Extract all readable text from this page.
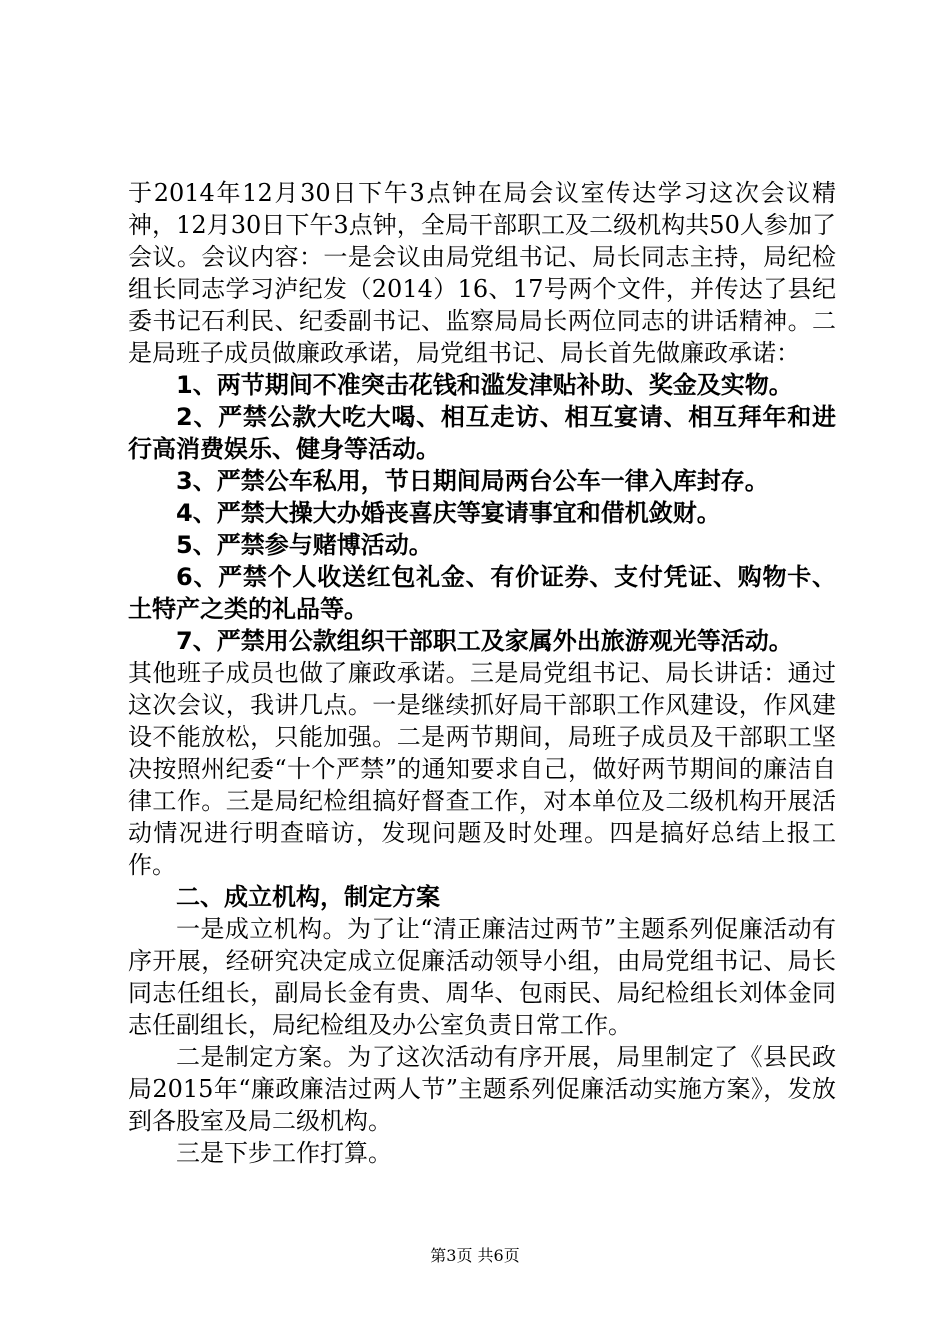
于2014年12月30日下午3点钟在局会议室传达学习这次会议精神，12月30日下午3点钟，全局干部职工及二级机构共50人参加了会议。会议内容：一是会议由局党组书记、局长同志主持，局纪检组长同志学习泸纪发（2014）16、17号两个文件，并传达了县纪委书记石利民、纪委副书记、监察局局长两位同志的讲话精神。二是局班子成员做廉政承诺，局党组书记、局长首先做廉政承诺：

1、两节期间不准突击花钱和滥发津贴补助、奖金及实物。

2、严禁公款大吃大喝、相互走访、相互宴请、相互拜年和进行高消费娱乐、健身等活动。

3、严禁公车私用，节日期间局两台公车一律入库封存。

4、严禁大操大办婚丧喜庆等宴请事宜和借机敛财。

5、严禁参与赌博活动。

6、严禁个人收送红包礼金、有价证券、支付凭证、购物卡、土特产之类的礼品等。

7、严禁用公款组织干部职工及家属外出旅游观光等活动。

其他班子成员也做了廉政承诺。三是局党组书记、局长讲话：通过这次会议，我讲几点。一是继续抓好局干部职工作风建设，作风建设不能放松，只能加强。二是两节期间，局班子成员及干部职工坚决按照州纪委“十个严禁”的通知要求自己，做好两节期间的廉洁自律工作。三是局纪检组搞好督查工作，对本单位及二级机构开展活动情况进行明查暗访，发现问题及时处理。四是搞好总结上报工作。

二、成立机构，制定方案

一是成立机构。为了让“清正廉洁过两节”主题系列促廉活动有序开展，经研究决定成立促廉活动领导小组，由局党组书记、局长同志任组长，副局长金有贵、周华、包雨民、局纪检组长刘体金同志任副组长，局纪检组及办公室负责日常工作。

二是制定方案。为了这次活动有序开展，局里制定了《县民政局2015年“廉政廉洁过两人节”主题系列促廉活动实施方案》，发放到各股室及局二级机构。

三是下步工作打算。

第3页 共6页
